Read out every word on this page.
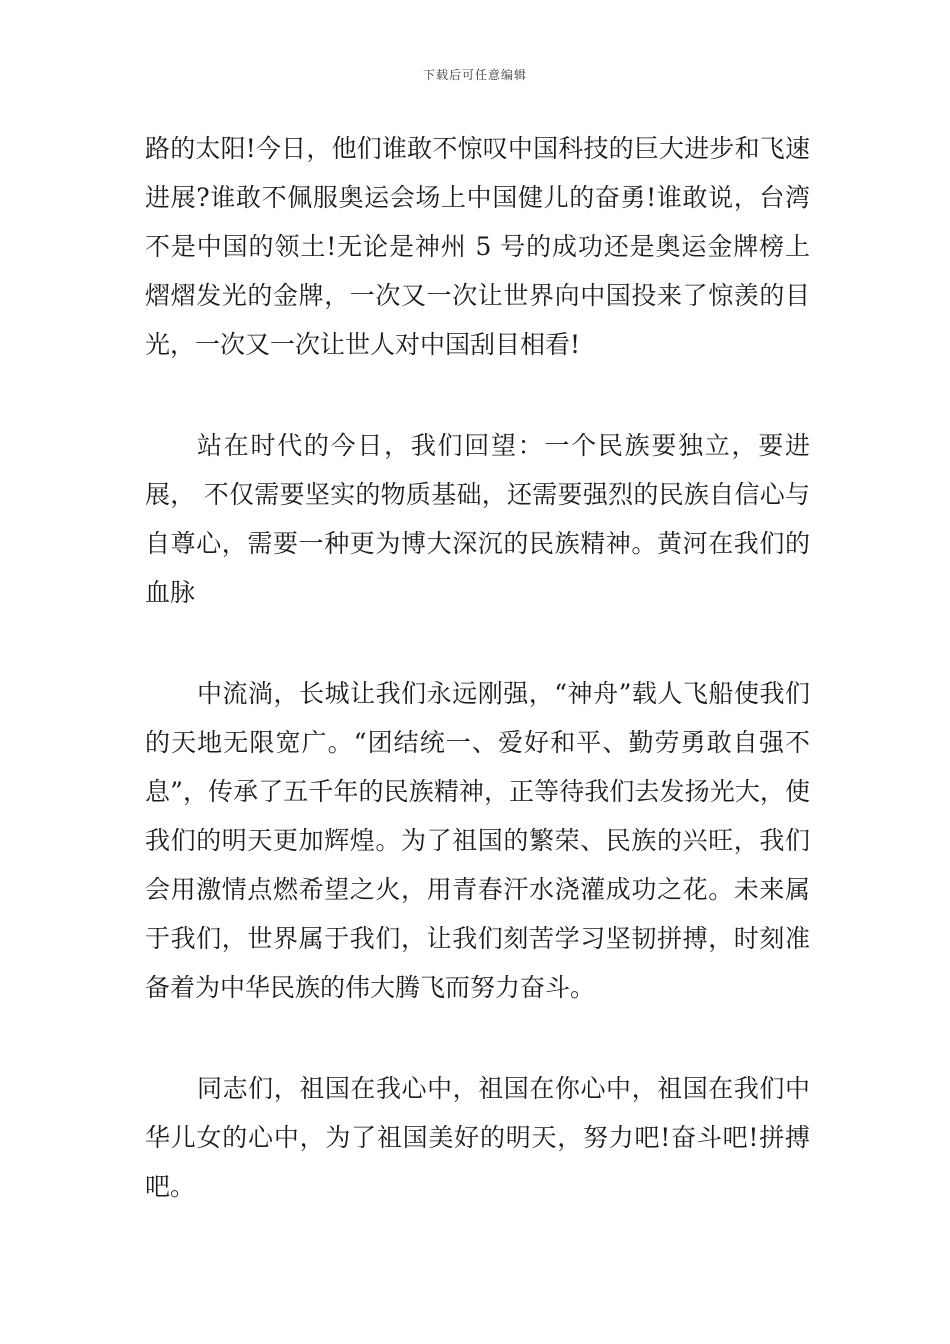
下载后可任意编辑

路的太阳!今日，他们谁敢不惊叹中国科技的巨大进步和飞速进展?谁敢不佩服奥运会场上中国健儿的奋勇!谁敢说，台湾不是中国的领土!无论是神州 5 号的成功还是奥运金牌榜上熠熠发光的金牌，一次又一次让世界向中国投来了惊羡的目光，一次又一次让世人对中国刮目相看!

站在时代的今日，我们回望：一个民族要独立，要进展， 不仅需要坚实的物质基础，还需要强烈的民族自信心与自尊心，需要一种更为博大深沉的民族精神。黄河在我们的血脉

中流淌，长城让我们永远刚强，“神舟”载人飞船使我们的天地无限宽广。“团结统一、爱好和平、勤劳勇敢自强不息”，传承了五千年的民族精神，正等待我们去发扬光大，使我们的明天更加辉煌。为了祖国的繁荣、民族的兴旺，我们会用激情点燃希望之火，用青春汗水浇灌成功之花。未来属于我们，世界属于我们，让我们刻苦学习坚韧拼搏，时刻准备着为中华民族的伟大腾飞而努力奋斗。

同志们，祖国在我心中，祖国在你心中，祖国在我们中华儿女的心中，为了祖国美好的明天，努力吧!奋斗吧!拼搏 吧。
